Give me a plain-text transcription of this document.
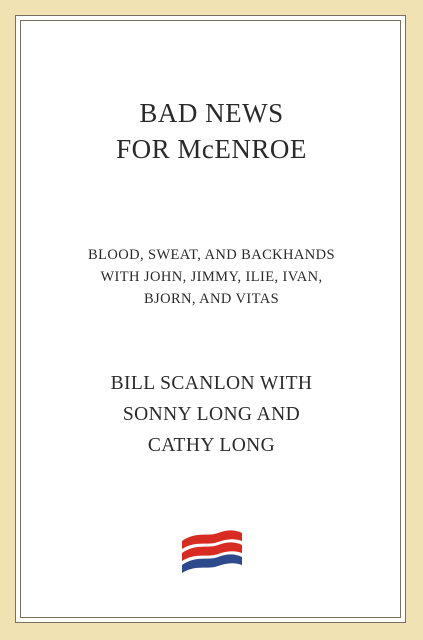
BAD NEWS
FOR McENROE
BLOOD, SWEAT, AND BACKHANDS
WITH JOHN, JIMMY, ILIE, IVAN,
BJORN, AND VITAS
BILL SCANLON WITH
SONNY LONG AND
CATHY LONG
